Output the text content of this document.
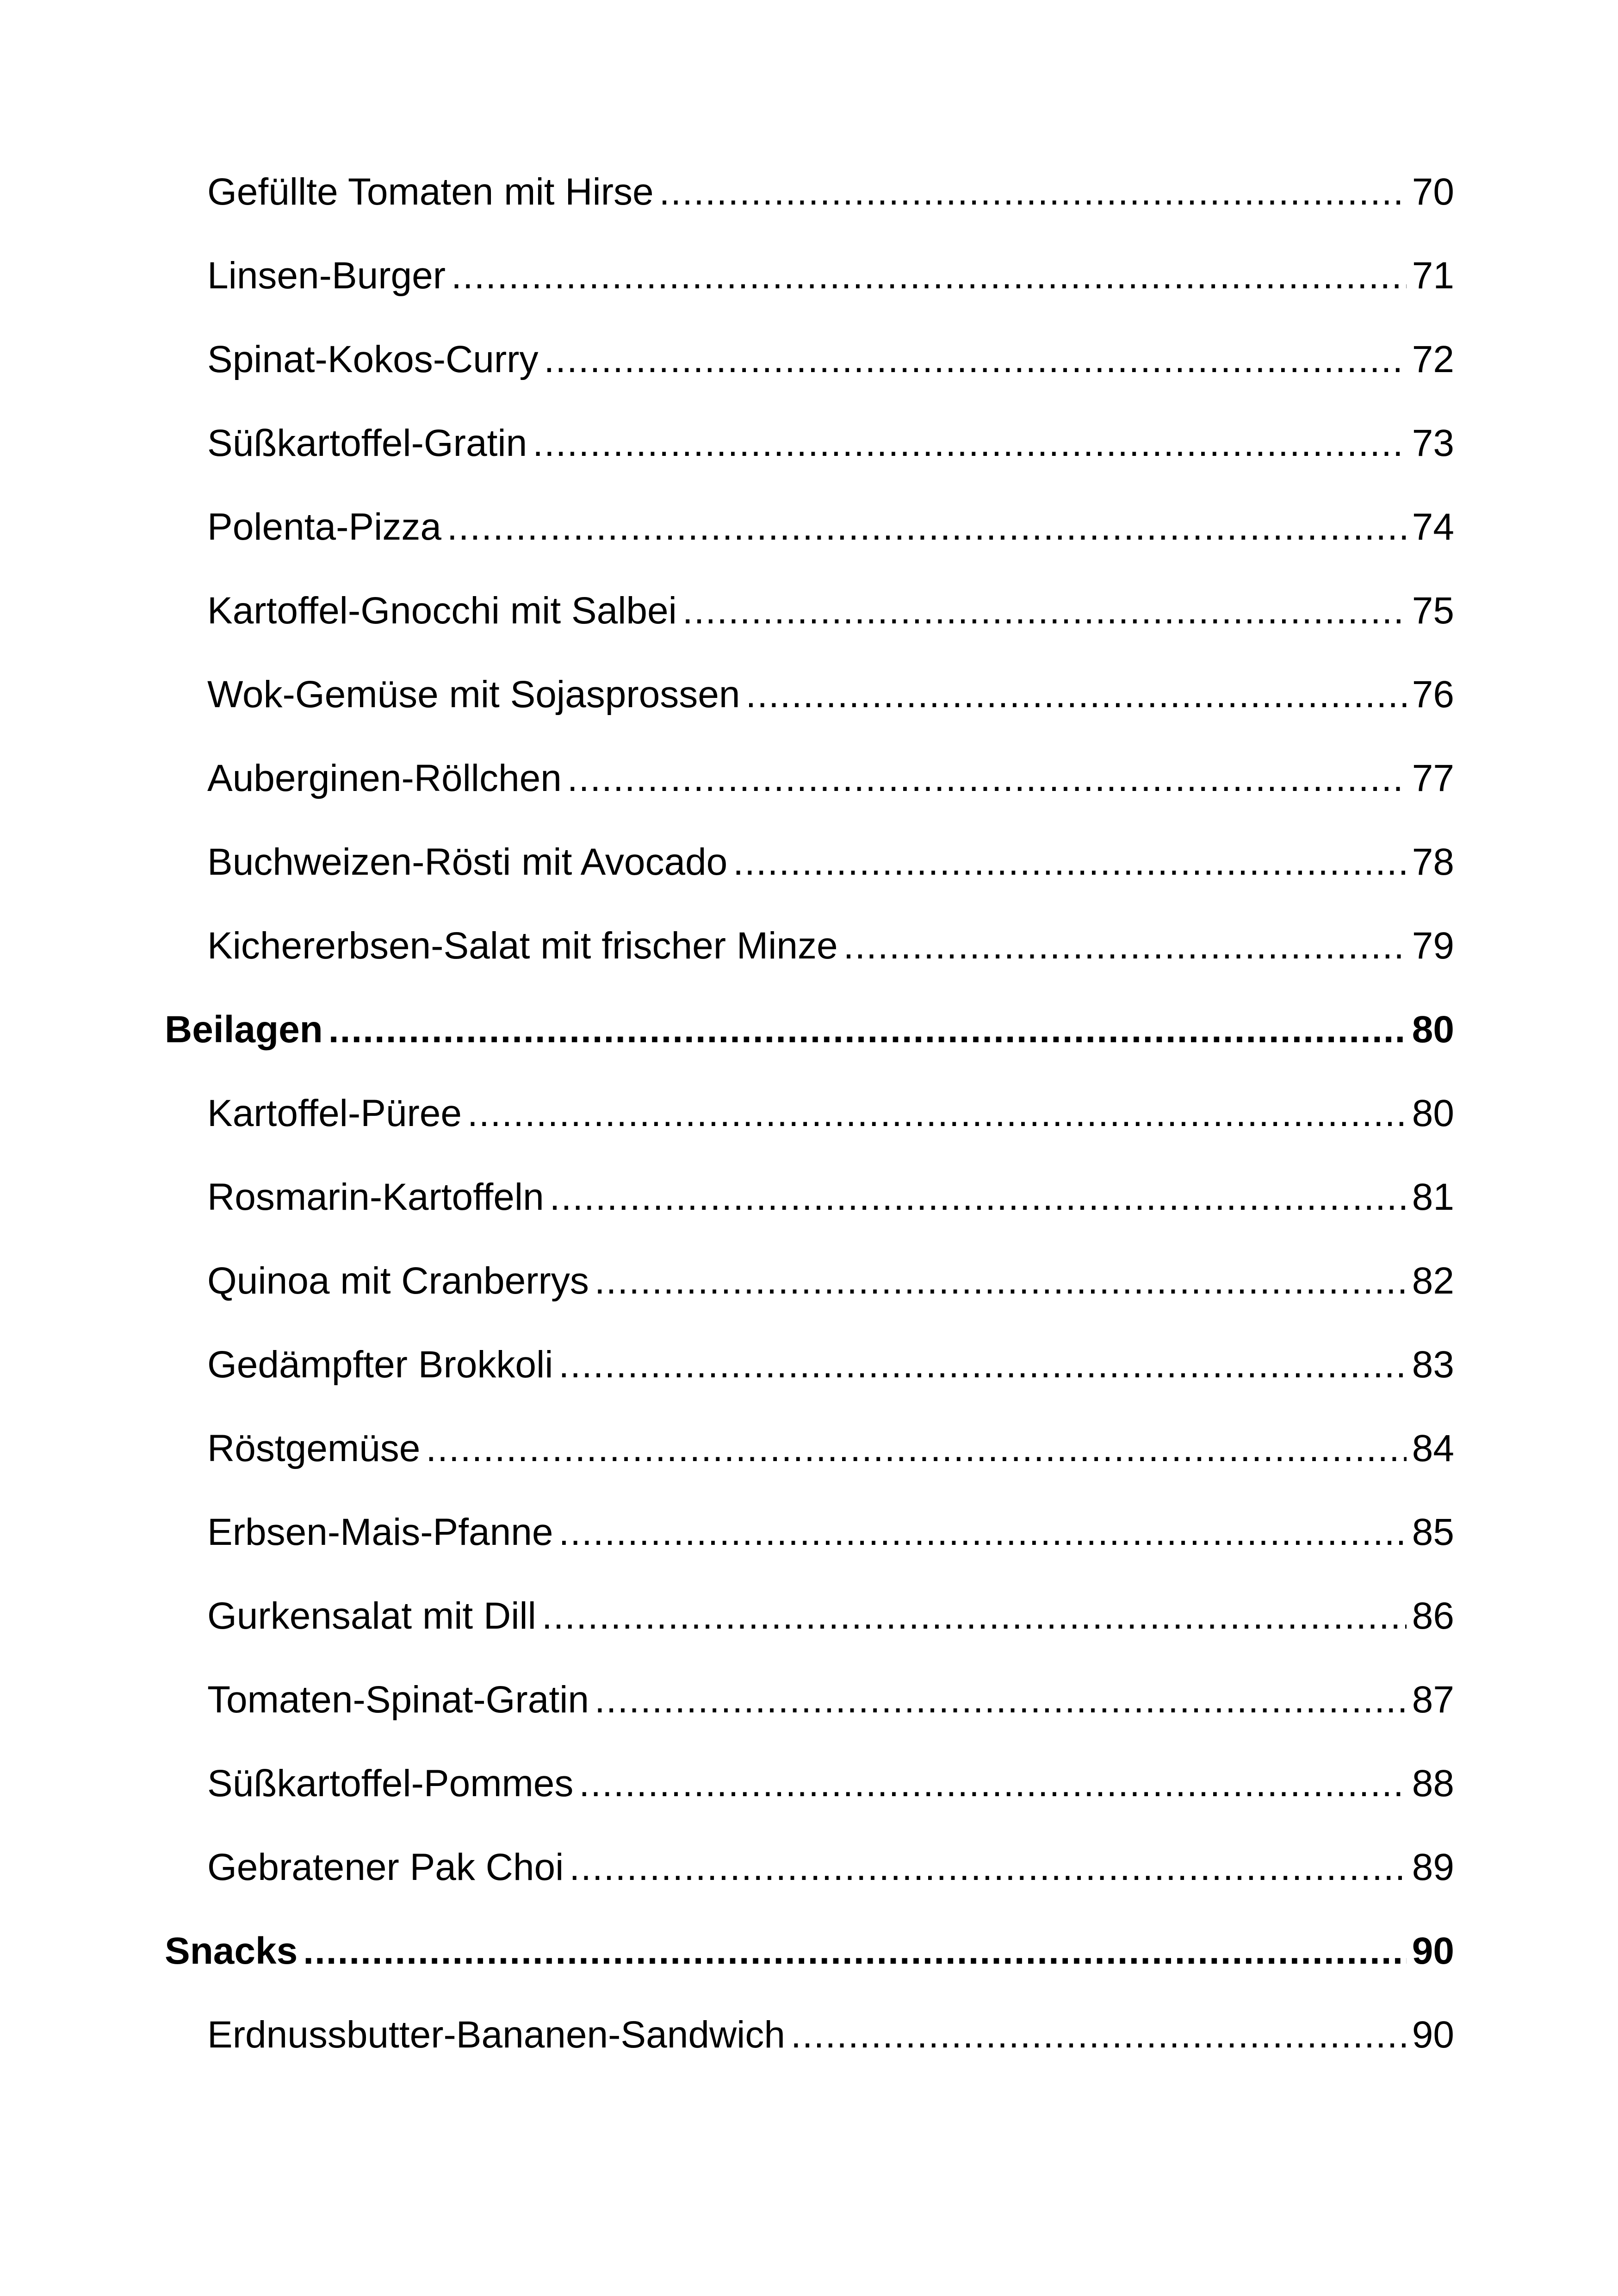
Gefüllte Tomaten mit Hirse .....	70
Linsen-Burger .....	71
Spinat-Kokos-Curry .....	72
Süßkartoffel-Gratin .....	73
Polenta-Pizza .....	74
Kartoffel-Gnocchi mit Salbei .....	75
Wok-Gemüse mit Sojasprossen .....	76
Auberginen-Röllchen .....	77
Buchweizen-Rösti mit Avocado .....	78
Kichererbsen-Salat mit frischer Minze .....	79
Beilagen .....	80
Kartoffel-Püree .....	80
Rosmarin-Kartoffeln .....	81
Quinoa mit Cranberrys .....	82
Gedämpfter Brokkoli .....	83
Röstgemüse .....	84
Erbsen-Mais-Pfanne .....	85
Gurkensalat mit Dill .....	86
Tomaten-Spinat-Gratin .....	87
Süßkartoffel-Pommes .....	88
Gebratener Pak Choi .....	89
Snacks .....	90
Erdnussbutter-Bananen-Sandwich .....	90
